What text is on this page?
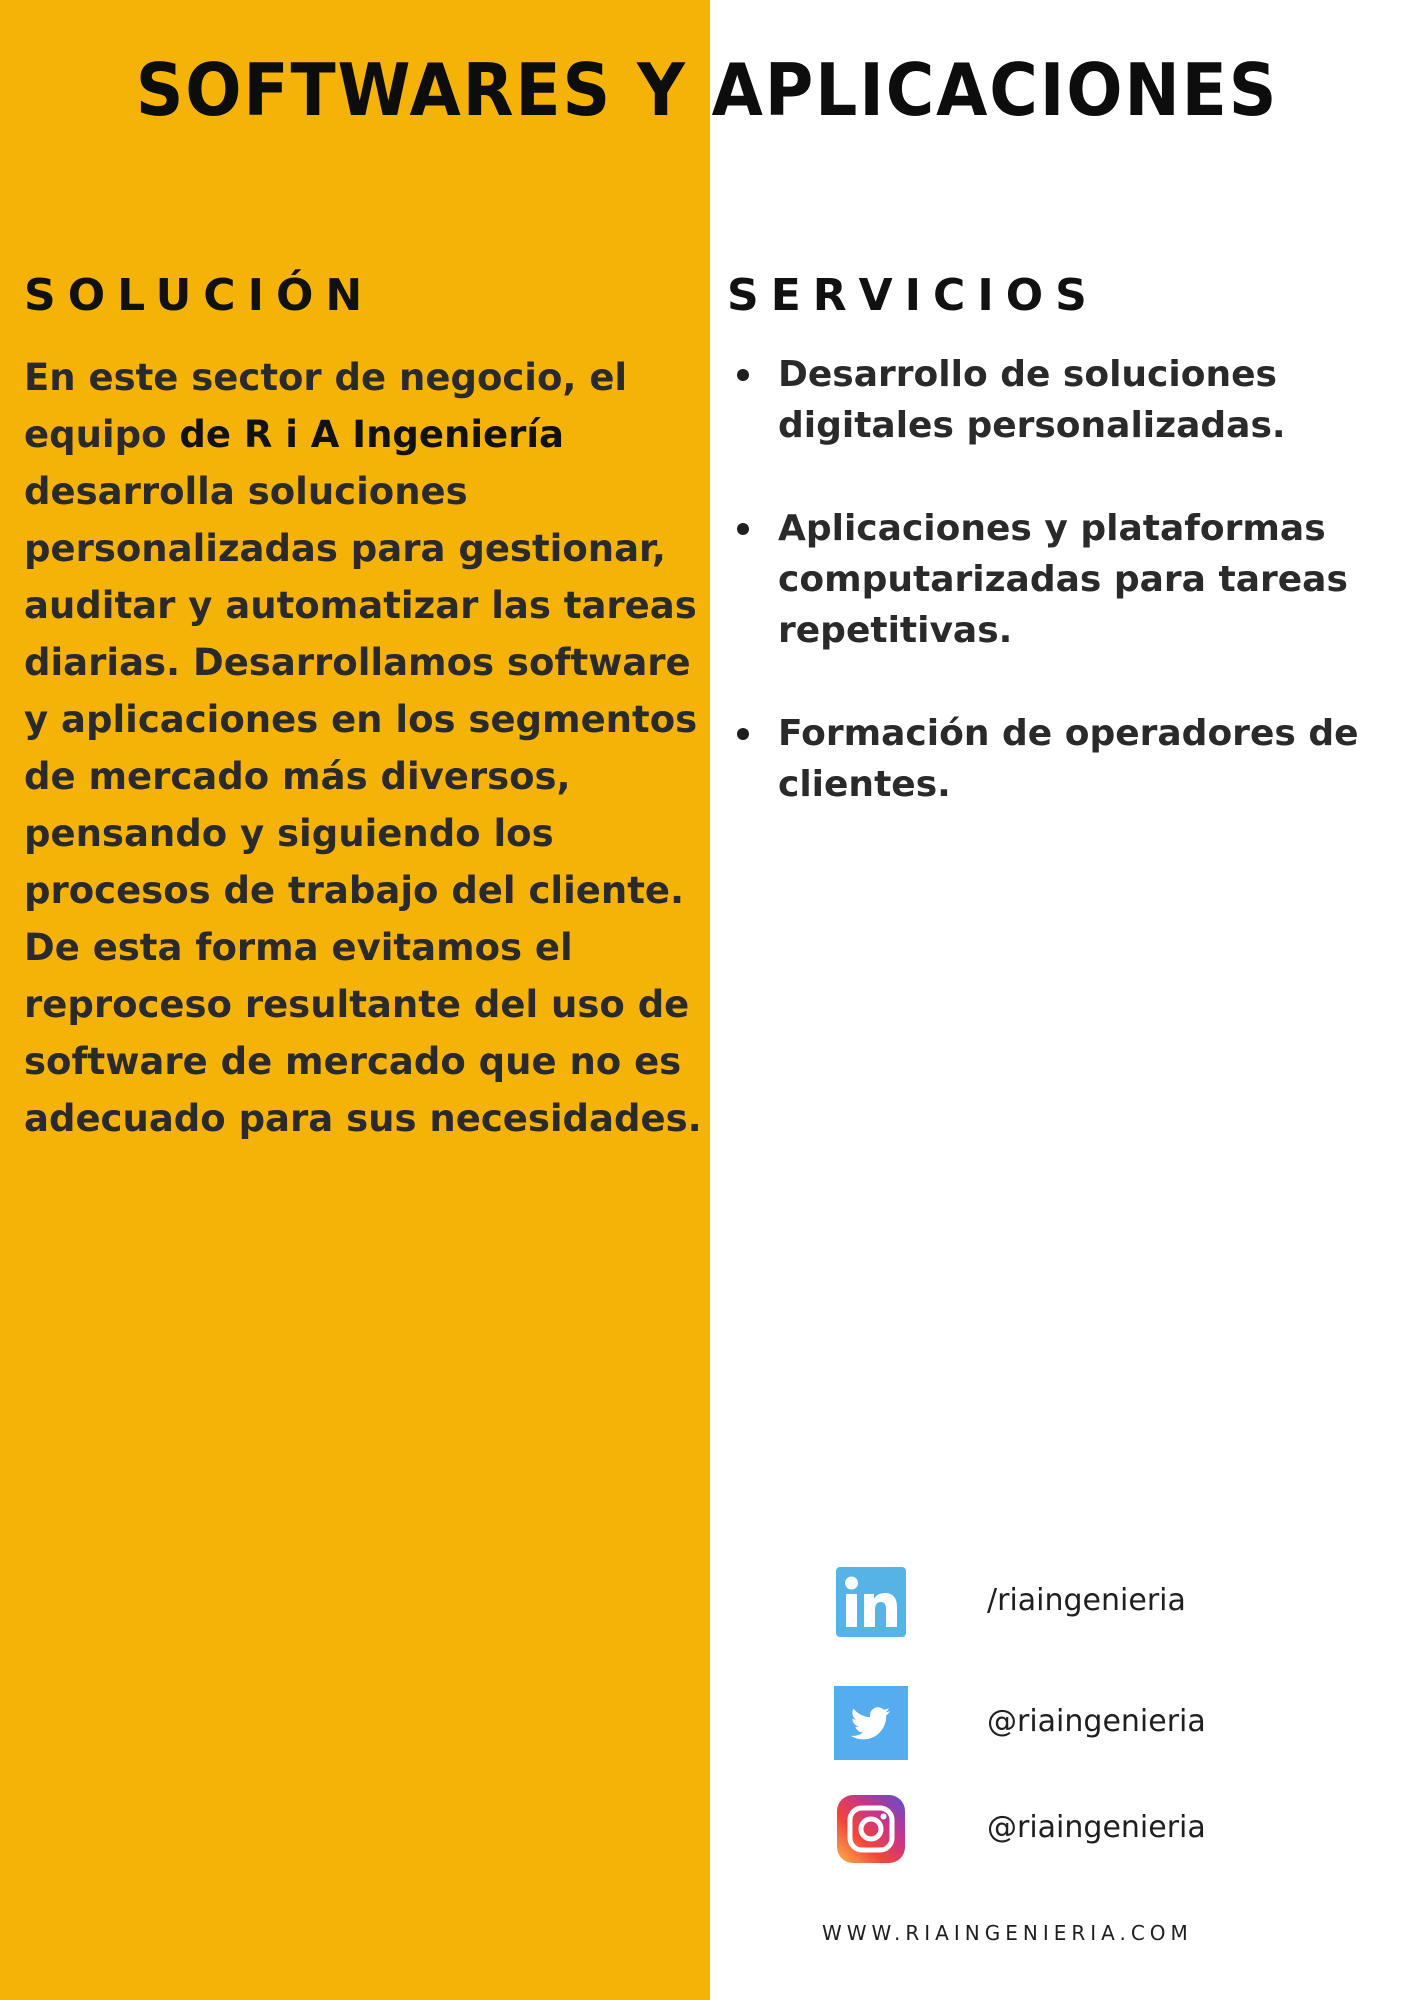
SOFTWARES Y APLICACIONES
SOLUCIÓN	SERVICIOS
En este sector de negocio, el equipo de R i A Ingeniería desarrolla soluciones personalizadas para gestionar, auditar y automatizar las tareas diarias. Desarrollamos software y aplicaciones en los segmentos de mercado más diversos, pensando y siguiendo los procesos de trabajo del cliente. De esta forma evitamos el reproceso resultante del uso de software de mercado que no es adecuado para sus necesidades.
Desarrollo de soluciones digitales personalizadas.
Aplicaciones y plataformas computarizadas para tareas repetitivas.
Formación de operadores de clientes.
/riaingenieria
@riaingenieria
@riaingenieria
WWW.RIAINGENIERIA.COM
